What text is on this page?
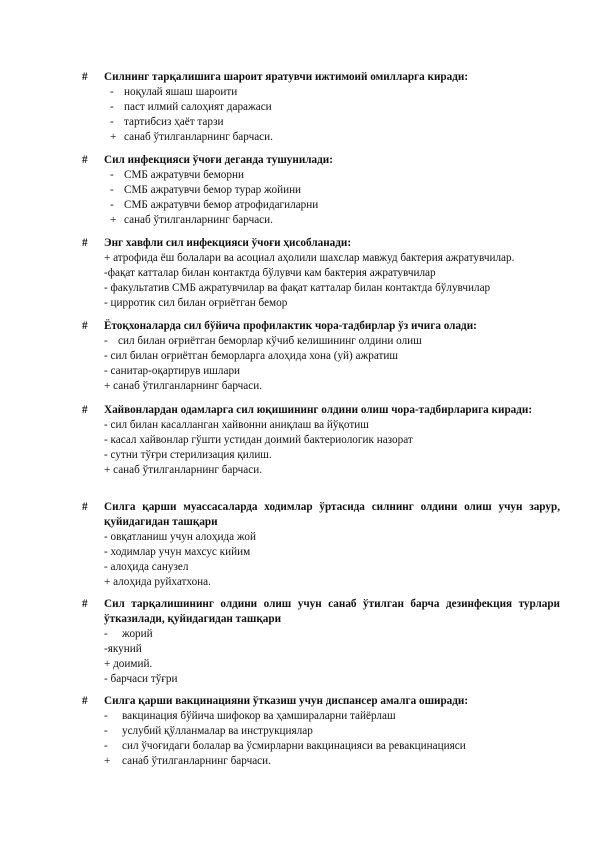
# Силнинг тарқалишига шароит яратувчи ижтимоий омилларга киради:
- ноқулай яшаш шароити
- паст илмий салоҳият даражаси
- тартибсиз ҳаёт тарзи
+ санаб ўтилганларнинг барчаси.
# Сил инфекцияси ўчоғи деганда тушунилади:
- СМБ ажратувчи беморни
- СМБ ажратувчи бемор турар жойини
- СМБ ажратувчи бемор атрофидагиларни
+ санаб ўтилганларнинг барчаси.
# Энг хавфли сил инфекцияси ўчоғи ҳисобланади:
+ атрофида ёш болалари ва асоциал аҳолили шахслар мавжуд бактерия ажратувчилар.
-фақат катталар билан контактда бўлувчи кам бактерия ажратувчилар
- факультатив СМБ ажратувчилар ва фақат катталар билан контактда бўлувчилар
- цирротик сил билан оғриётган бемор
# Ётоқхоналарда сил бўйича профилактик чора-тадбирлар ўз ичига олади:
- сил билан оғриётган беморлар кўчиб келишининг олдини олиш
- сил билан оғриётган беморларга алоҳида хона (уй) ажратиш
- санитар-оқартирув ишлари
+ санаб ўтилганларнинг барчаси.
# Хайвонлардан одамларга сил юқишининг олдини олиш чора-тадбирларига киради:
- сил билан касалланган хайвонни аниқлаш ва йўқотиш
- касал хайвонлар гўшти устидан доимий бактериологик назорат
- сутни тўғри стерилизация қилиш.
+ санаб ўтилганларнинг барчаси.
# Силга қарши муассасаларда ходимлар ўртасида силнинг олдини олиш учун зарур, қуйидагидан ташқари
- овқатланиш учун алоҳида жой
- ходимлар учун махсус кийим
- алоҳида санузел
+ алоҳида руйхатхона.
# Сил тарқалишининг олдини олиш учун санаб ўтилган барча дезинфекция турлари ўтказилади, қуйидагидан ташқари
- жорий
-якуний
+ доимий.
- барчаси тўғри
# Силга қарши вакцинацияни ўтказиш учун диспансер амалга оширади:
- вакцинация бўйича шифокор ва ҳамшираларни тайёрлаш
- услубий қўлланмалар ва инструкциялар
- сил ўчоғидаги болалар ва ўсмирларни вакцинацияси ва ревакцинацияси
+ санаб ўтилганларнинг барчаси.
